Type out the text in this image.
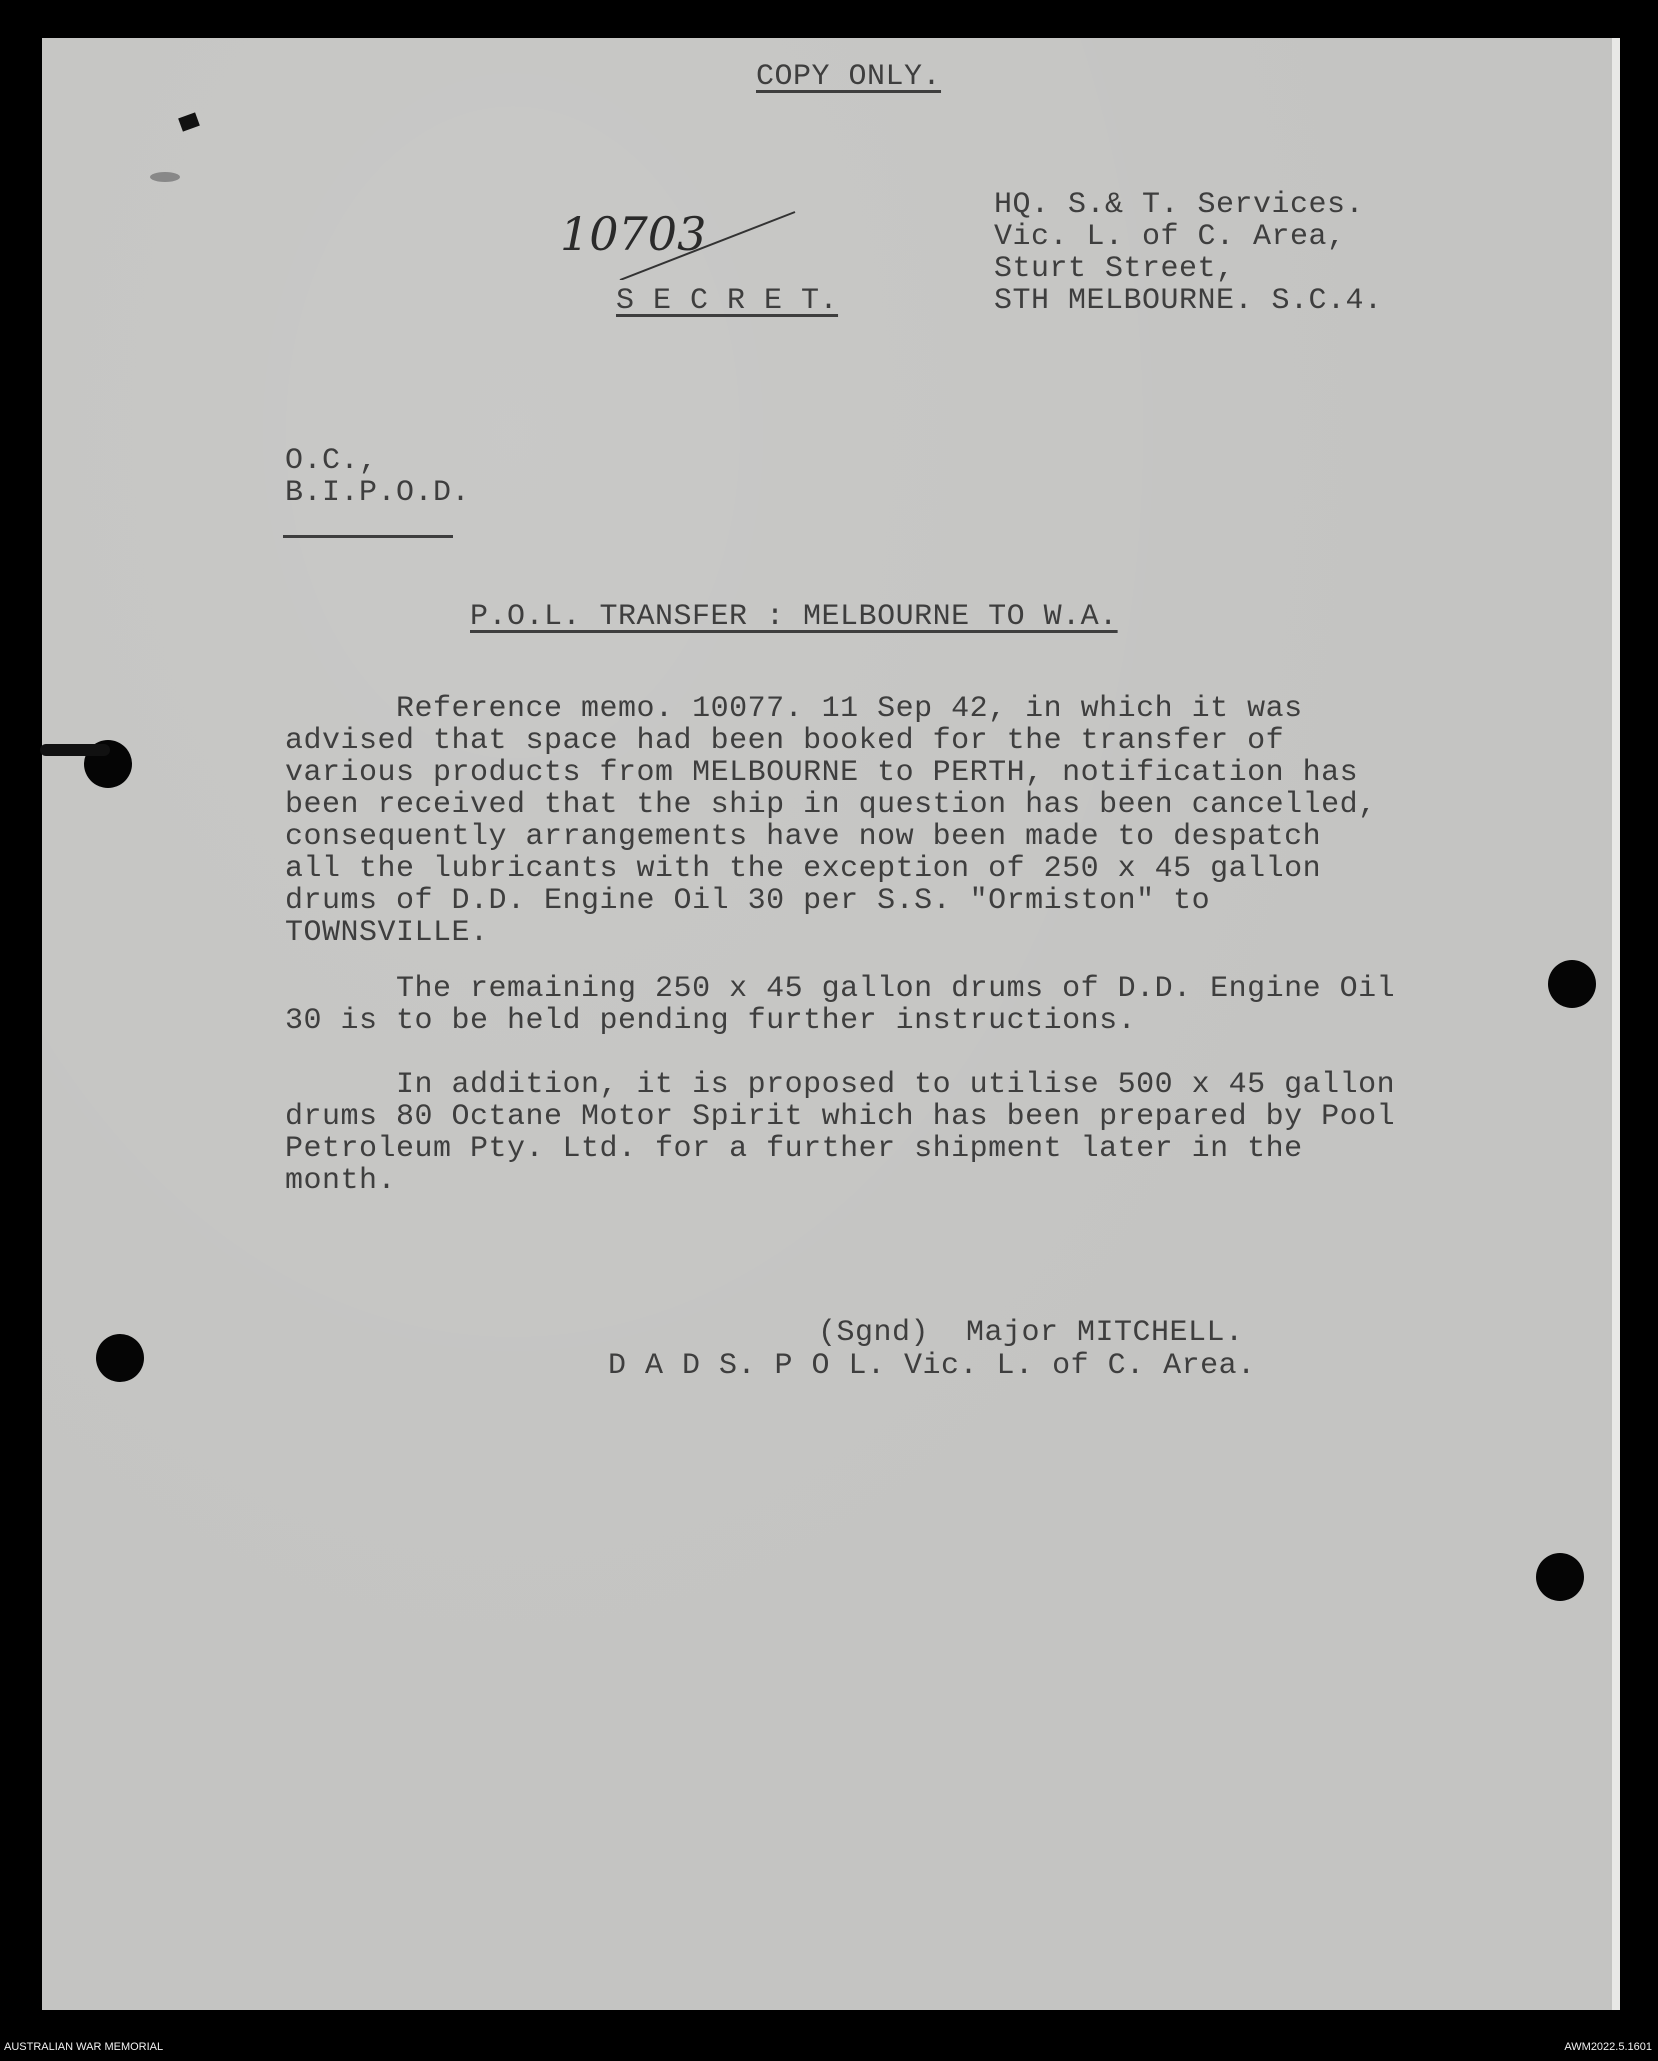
COPY ONLY.
10703
S E C R E T.
HQ. S.& T. Services.
Vic. L. of C. Area,
Sturt Street,
STH MELBOURNE. S.C.4.
O.C.,
B.I.P.O.D.
P.O.L. TRANSFER : MELBOURNE TO W.A.
Reference memo. 10077. 11 Sep 42, in which it was
advised that space had been booked for the transfer of
various products from MELBOURNE to PERTH, notification has
been received that the ship in question has been cancelled,
consequently arrangements have now been made to despatch
all the lubricants with the exception of 250 x 45 gallon
drums of D.D. Engine Oil 30 per S.S. "Ormiston" to
TOWNSVILLE.
The remaining 250 x 45 gallon drums of D.D. Engine Oil
30 is to be held pending further instructions.
In addition, it is proposed to utilise 500 x 45 gallon
drums 80 Octane Motor Spirit which has been prepared by Pool
Petroleum Pty. Ltd. for a further shipment later in the
month.
(Sgnd)  Major MITCHELL.
D A D S. P O L. Vic. L. of C. Area.
AUSTRALIAN WAR MEMORIAL	AWM2022.5.1601
